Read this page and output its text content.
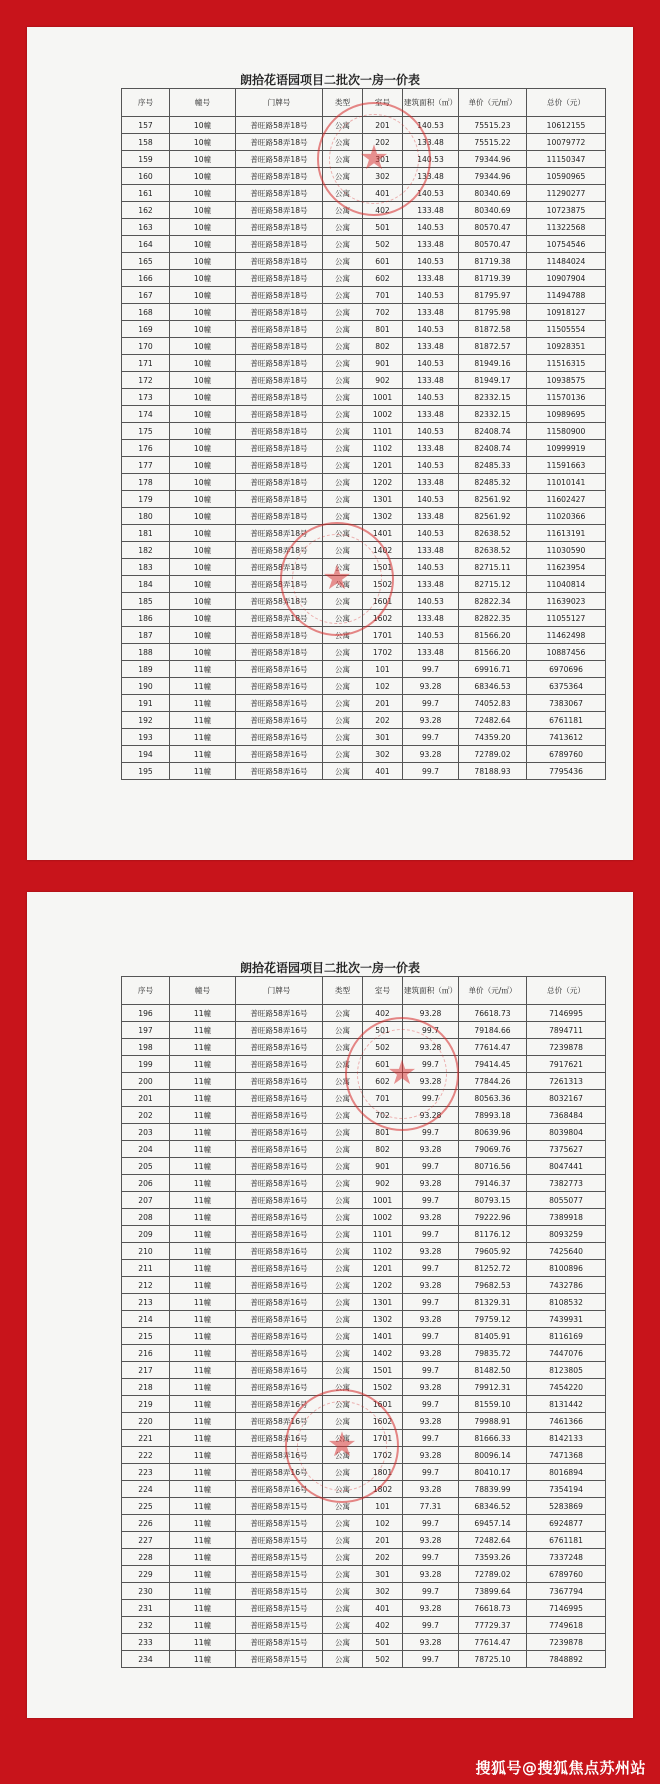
朗拾花语园项目二批次一房一价表
序号	幢号	门牌号	类型	室号	建筑面积（㎡）	单价（元/㎡）	总价（元）
157	10幢	普旺路58弄18号	公寓	201	140.53	75515.23	10612155
158	10幢	普旺路58弄18号	公寓	202	133.48	75515.22	10079772
159	10幢	普旺路58弄18号	公寓	301	140.53	79344.96	11150347
160	10幢	普旺路58弄18号	公寓	302	133.48	79344.96	10590965
161	10幢	普旺路58弄18号	公寓	401	140.53	80340.69	11290277
162	10幢	普旺路58弄18号	公寓	402	133.48	80340.69	10723875
163	10幢	普旺路58弄18号	公寓	501	140.53	80570.47	11322568
164	10幢	普旺路58弄18号	公寓	502	133.48	80570.47	10754546
165	10幢	普旺路58弄18号	公寓	601	140.53	81719.38	11484024
166	10幢	普旺路58弄18号	公寓	602	133.48	81719.39	10907904
167	10幢	普旺路58弄18号	公寓	701	140.53	81795.97	11494788
168	10幢	普旺路58弄18号	公寓	702	133.48	81795.98	10918127
169	10幢	普旺路58弄18号	公寓	801	140.53	81872.58	11505554
170	10幢	普旺路58弄18号	公寓	802	133.48	81872.57	10928351
171	10幢	普旺路58弄18号	公寓	901	140.53	81949.16	11516315
172	10幢	普旺路58弄18号	公寓	902	133.48	81949.17	10938575
173	10幢	普旺路58弄18号	公寓	1001	140.53	82332.15	11570136
174	10幢	普旺路58弄18号	公寓	1002	133.48	82332.15	10989695
175	10幢	普旺路58弄18号	公寓	1101	140.53	82408.74	11580900
176	10幢	普旺路58弄18号	公寓	1102	133.48	82408.74	10999919
177	10幢	普旺路58弄18号	公寓	1201	140.53	82485.33	11591663
178	10幢	普旺路58弄18号	公寓	1202	133.48	82485.32	11010141
179	10幢	普旺路58弄18号	公寓	1301	140.53	82561.92	11602427
180	10幢	普旺路58弄18号	公寓	1302	133.48	82561.92	11020366
181	10幢	普旺路58弄18号	公寓	1401	140.53	82638.52	11613191
182	10幢	普旺路58弄18号	公寓	1402	133.48	82638.52	11030590
183	10幢	普旺路58弄18号	公寓	1501	140.53	82715.11	11623954
184	10幢	普旺路58弄18号	公寓	1502	133.48	82715.12	11040814
185	10幢	普旺路58弄18号	公寓	1601	140.53	82822.34	11639023
186	10幢	普旺路58弄18号	公寓	1602	133.48	82822.35	11055127
187	10幢	普旺路58弄18号	公寓	1701	140.53	81566.20	11462498
188	10幢	普旺路58弄18号	公寓	1702	133.48	81566.20	10887456
189	11幢	普旺路58弄16号	公寓	101	99.7	69916.71	6970696
190	11幢	普旺路58弄16号	公寓	102	93.28	68346.53	6375364
191	11幢	普旺路58弄16号	公寓	201	99.7	74052.83	7383067
192	11幢	普旺路58弄16号	公寓	202	93.28	72482.64	6761181
193	11幢	普旺路58弄16号	公寓	301	99.7	74359.20	7413612
194	11幢	普旺路58弄16号	公寓	302	93.28	72789.02	6789760
195	11幢	普旺路58弄16号	公寓	401	99.7	78188.93	7795436
★
★
朗拾花语园项目二批次一房一价表
序号	幢号	门牌号	类型	室号	建筑面积（㎡）	单价（元/㎡）	总价（元）
196	11幢	普旺路58弄16号	公寓	402	93.28	76618.73	7146995
197	11幢	普旺路58弄16号	公寓	501	99.7	79184.66	7894711
198	11幢	普旺路58弄16号	公寓	502	93.28	77614.47	7239878
199	11幢	普旺路58弄16号	公寓	601	99.7	79414.45	7917621
200	11幢	普旺路58弄16号	公寓	602	93.28	77844.26	7261313
201	11幢	普旺路58弄16号	公寓	701	99.7	80563.36	8032167
202	11幢	普旺路58弄16号	公寓	702	93.28	78993.18	7368484
203	11幢	普旺路58弄16号	公寓	801	99.7	80639.96	8039804
204	11幢	普旺路58弄16号	公寓	802	93.28	79069.76	7375627
205	11幢	普旺路58弄16号	公寓	901	99.7	80716.56	8047441
206	11幢	普旺路58弄16号	公寓	902	93.28	79146.37	7382773
207	11幢	普旺路58弄16号	公寓	1001	99.7	80793.15	8055077
208	11幢	普旺路58弄16号	公寓	1002	93.28	79222.96	7389918
209	11幢	普旺路58弄16号	公寓	1101	99.7	81176.12	8093259
210	11幢	普旺路58弄16号	公寓	1102	93.28	79605.92	7425640
211	11幢	普旺路58弄16号	公寓	1201	99.7	81252.72	8100896
212	11幢	普旺路58弄16号	公寓	1202	93.28	79682.53	7432786
213	11幢	普旺路58弄16号	公寓	1301	99.7	81329.31	8108532
214	11幢	普旺路58弄16号	公寓	1302	93.28	79759.12	7439931
215	11幢	普旺路58弄16号	公寓	1401	99.7	81405.91	8116169
216	11幢	普旺路58弄16号	公寓	1402	93.28	79835.72	7447076
217	11幢	普旺路58弄16号	公寓	1501	99.7	81482.50	8123805
218	11幢	普旺路58弄16号	公寓	1502	93.28	79912.31	7454220
219	11幢	普旺路58弄16号	公寓	1601	99.7	81559.10	8131442
220	11幢	普旺路58弄16号	公寓	1602	93.28	79988.91	7461366
221	11幢	普旺路58弄16号	公寓	1701	99.7	81666.33	8142133
222	11幢	普旺路58弄16号	公寓	1702	93.28	80096.14	7471368
223	11幢	普旺路58弄16号	公寓	1801	99.7	80410.17	8016894
224	11幢	普旺路58弄16号	公寓	1802	93.28	78839.99	7354194
225	11幢	普旺路58弄15号	公寓	101	77.31	68346.52	5283869
226	11幢	普旺路58弄15号	公寓	102	99.7	69457.14	6924877
227	11幢	普旺路58弄15号	公寓	201	93.28	72482.64	6761181
228	11幢	普旺路58弄15号	公寓	202	99.7	73593.26	7337248
229	11幢	普旺路58弄15号	公寓	301	93.28	72789.02	6789760
230	11幢	普旺路58弄15号	公寓	302	99.7	73899.64	7367794
231	11幢	普旺路58弄15号	公寓	401	93.28	76618.73	7146995
232	11幢	普旺路58弄15号	公寓	402	99.7	77729.37	7749618
233	11幢	普旺路58弄15号	公寓	501	93.28	77614.47	7239878
234	11幢	普旺路58弄15号	公寓	502	99.7	78725.10	7848892
★
★
搜狐号@搜狐焦点苏州站
